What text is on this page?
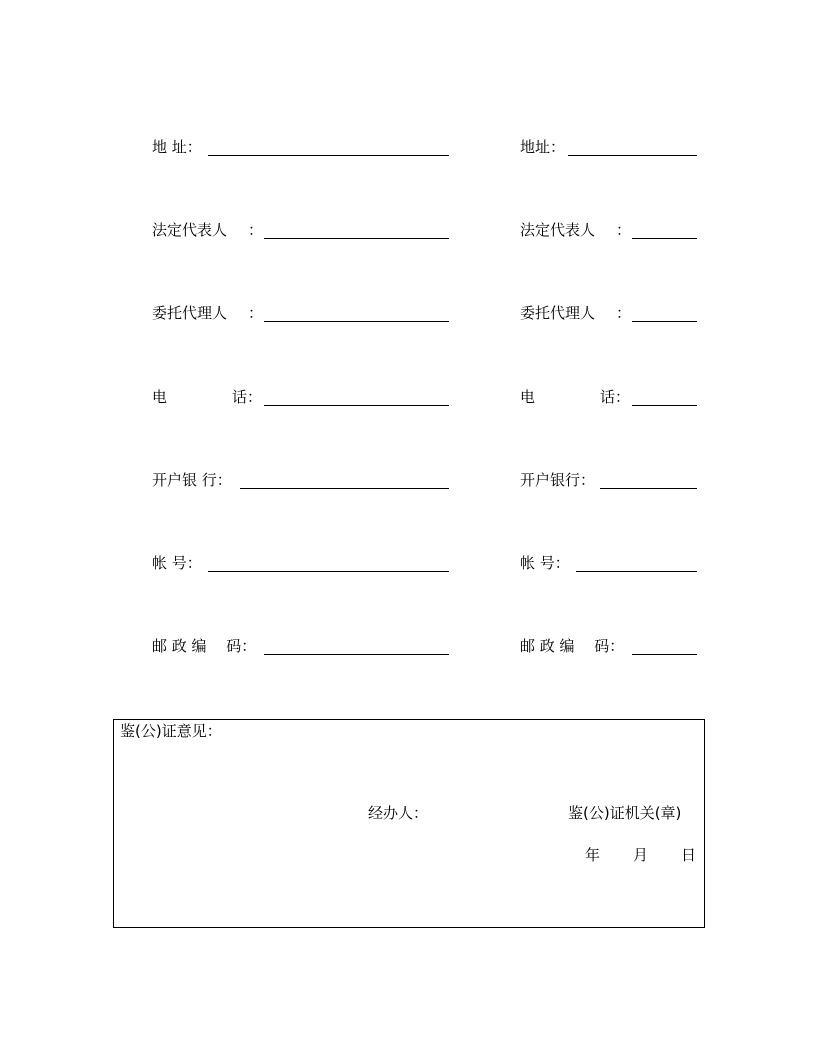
地 址：
法定代表人 ：
委托代理人 ：
电	话：
开户银 行：
帐 号：
邮 政 编　 码：
地址：
法定代表人 ：
委托代理人 ：
电	话：
开户银行：
帐 号：
邮 政 编　 码：
鉴(公)证意见：
经办人：	鉴(公)证机关(章)
年 月 日
